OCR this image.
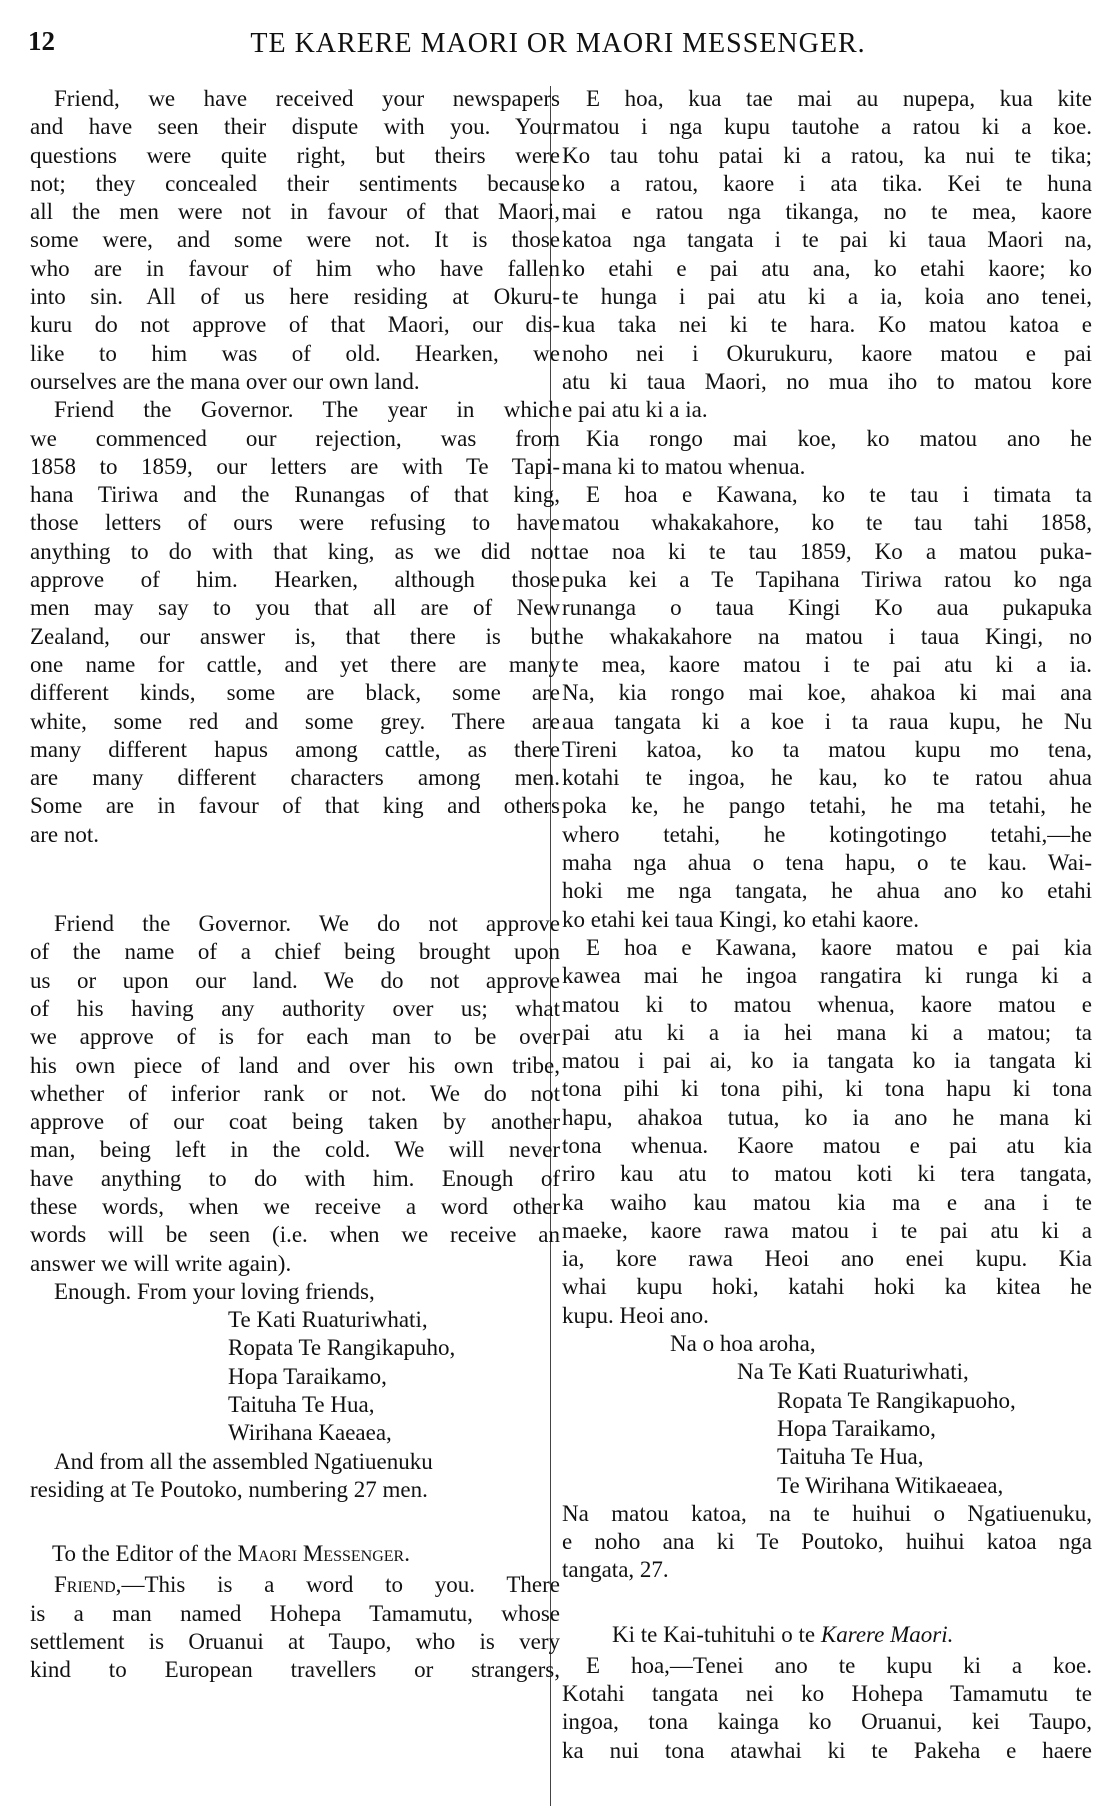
12	TE KARERE MAORI OR MAORI MESSENGER.
Friend, we have received your newspapers
and have seen their dispute with you. Your
questions were quite right, but theirs were
not; they concealed their sentiments because
all the men were not in favour of that Maori,
some were, and some were not. It is those
who are in favour of him who have fallen
into sin. All of us here residing at Okuru-
kuru do not approve of that Maori, our dis-
like to him was of old. Hearken, we
ourselves are the mana over our own land.
Friend the Governor. The year in which
we commenced our rejection, was from
1858 to 1859, our letters are with Te Tapi-
hana Tiriwa and the Runangas of that king,
those letters of ours were refusing to have
anything to do with that king, as we did not
approve of him. Hearken, although those
men may say to you that all are of New
Zealand, our answer is, that there is but
one name for cattle, and yet there are many
different kinds, some are black, some are
white, some red and some grey. There are
many different hapus among cattle, as there
are many different characters among men.
Some are in favour of that king and others
are not.
Friend the Governor. We do not approve
of the name of a chief being brought upon
us or upon our land. We do not approve
of his having any authority over us; what
we approve of is for each man to be over
his own piece of land and over his own tribe,
whether of inferior rank or not. We do not
approve of our coat being taken by another
man, being left in the cold. We will never
have anything to do with him. Enough of
these words, when we receive a word other
words will be seen (i.e. when we receive an
answer we will write again).
Enough. From your loving friends,
Te Kati Ruaturiwhati,
Ropata Te Rangikapuho,
Hopa Taraikamo,
Taituha Te Hua,
Wirihana Kaeaea,
And from all the assembled Ngatiuenuku
residing at Te Poutoko, numbering 27 men.
To the Editor of the Maori Messenger.
Friend,—This is a word to you. There
is a man named Hohepa Tamamutu, whose
settlement is Oruanui at Taupo, who is very
kind to European travellers or strangers,
E hoa, kua tae mai au nupepa, kua kite
matou i nga kupu tautohe a ratou ki a koe.
Ko tau tohu patai ki a ratou, ka nui te tika;
ko a ratou, kaore i ata tika. Kei te huna
mai e ratou nga tikanga, no te mea, kaore
katoa nga tangata i te pai ki taua Maori na,
ko etahi e pai atu ana, ko etahi kaore; ko
te hunga i pai atu ki a ia, koia ano tenei,
kua taka nei ki te hara. Ko matou katoa e
noho nei i Okurukuru, kaore matou e pai
atu ki taua Maori, no mua iho to matou kore
e pai atu ki a ia.
Kia rongo mai koe, ko matou ano he
mana ki to matou whenua.
E hoa e Kawana, ko te tau i timata ta
matou whakakahore, ko te tau tahi 1858,
tae noa ki te tau 1859, Ko a matou puka-
puka kei a Te Tapihana Tiriwa ratou ko nga
runanga o taua Kingi Ko aua pukapuka
he whakakahore na matou i taua Kingi, no
te mea, kaore matou i te pai atu ki a ia.
Na, kia rongo mai koe, ahakoa ki mai ana
aua tangata ki a koe i ta raua kupu, he Nu
Tireni katoa, ko ta matou kupu mo tena,
kotahi te ingoa, he kau, ko te ratou ahua
poka ke, he pango tetahi, he ma tetahi, he
whero tetahi, he kotingotingo tetahi,—he
maha nga ahua o tena hapu, o te kau. Wai-
hoki me nga tangata, he ahua ano ko etahi
ko etahi kei taua Kingi, ko etahi kaore.
E hoa e Kawana, kaore matou e pai kia
kawea mai he ingoa rangatira ki runga ki a
matou ki to matou whenua, kaore matou e
pai atu ki a ia hei mana ki a matou; ta
matou i pai ai, ko ia tangata ko ia tangata ki
tona pihi ki tona pihi, ki tona hapu ki tona
hapu, ahakoa tutua, ko ia ano he mana ki
tona whenua. Kaore matou e pai atu kia
riro kau atu to matou koti ki tera tangata,
ka waiho kau matou kia ma e ana i te
maeke, kaore rawa matou i te pai atu ki a
ia, kore rawa Heoi ano enei kupu. Kia
whai kupu hoki, katahi hoki ka kitea he
kupu. Heoi ano.
Na o hoa aroha,
Na Te Kati Ruaturiwhati,
Ropata Te Rangikapuoho,
Hopa Taraikamo,
Taituha Te Hua,
Te Wirihana Witikaeaea,
Na matou katoa, na te huihui o Ngatiuenuku,
e noho ana ki Te Poutoko, huihui katoa nga
tangata, 27.
Ki te Kai-tuhituhi o te Karere Maori.
E hoa,—Tenei ano te kupu ki a koe.
Kotahi tangata nei ko Hohepa Tamamutu te
ingoa, tona kainga ko Oruanui, kei Taupo,
ka nui tona atawhai ki te Pakeha e haere
